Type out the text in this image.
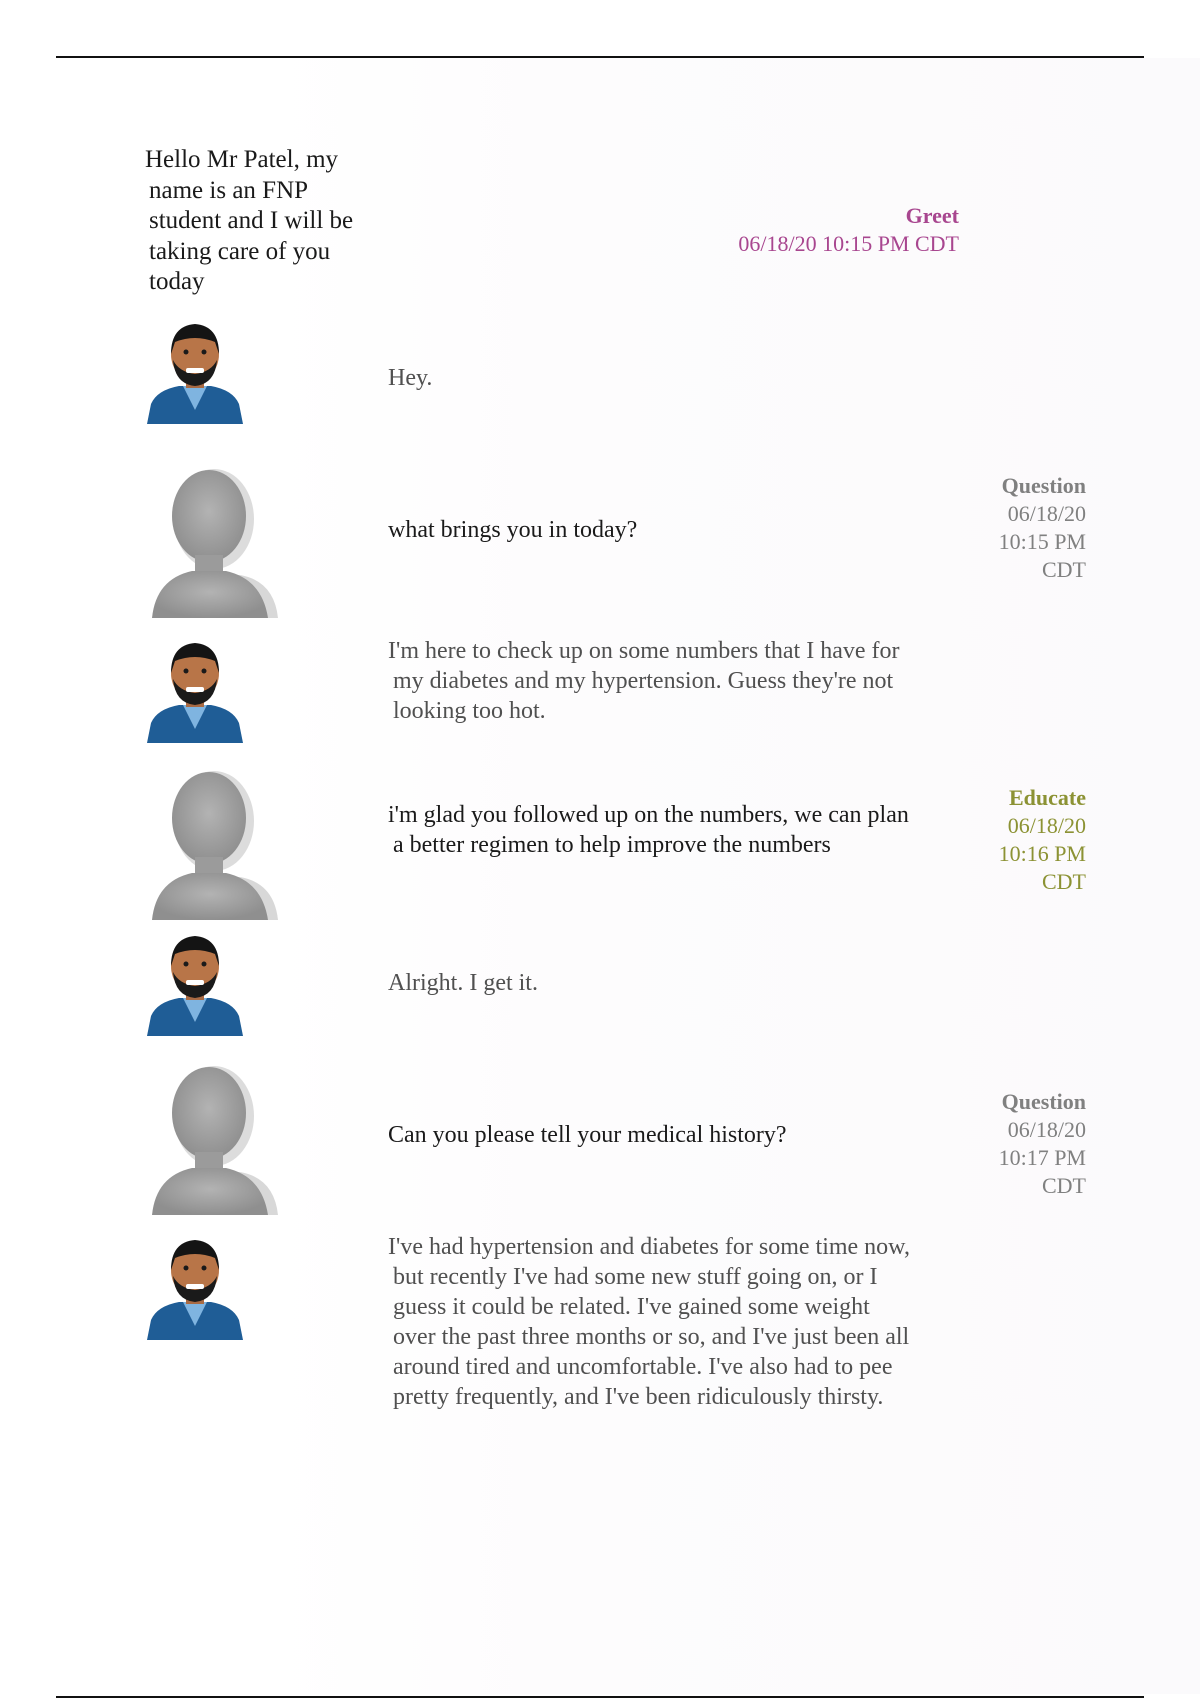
Hello Mr Patel, my
name is an FNP
student and I will be
taking care of you
today
Greet
06/18/20 10:15 PM CDT
Hey.
what brings you in today?
Question
06/18/20
10:15 PM
CDT
I'm here to check up on some numbers that I have for
my diabetes and my hypertension. Guess they're not
looking too hot.
i'm glad you followed up on the numbers, we can plan
a better regimen to help improve the numbers
Educate
06/18/20
10:16 PM
CDT
Alright. I get it.
Can you please tell your medical history?
Question
06/18/20
10:17 PM
CDT
I've had hypertension and diabetes for some time now,
but recently I've had some new stuff going on, or I
guess it could be related. I've gained some weight
over the past three months or so, and I've just been all
around tired and uncomfortable. I've also had to pee
pretty frequently, and I've been ridiculously thirsty.
